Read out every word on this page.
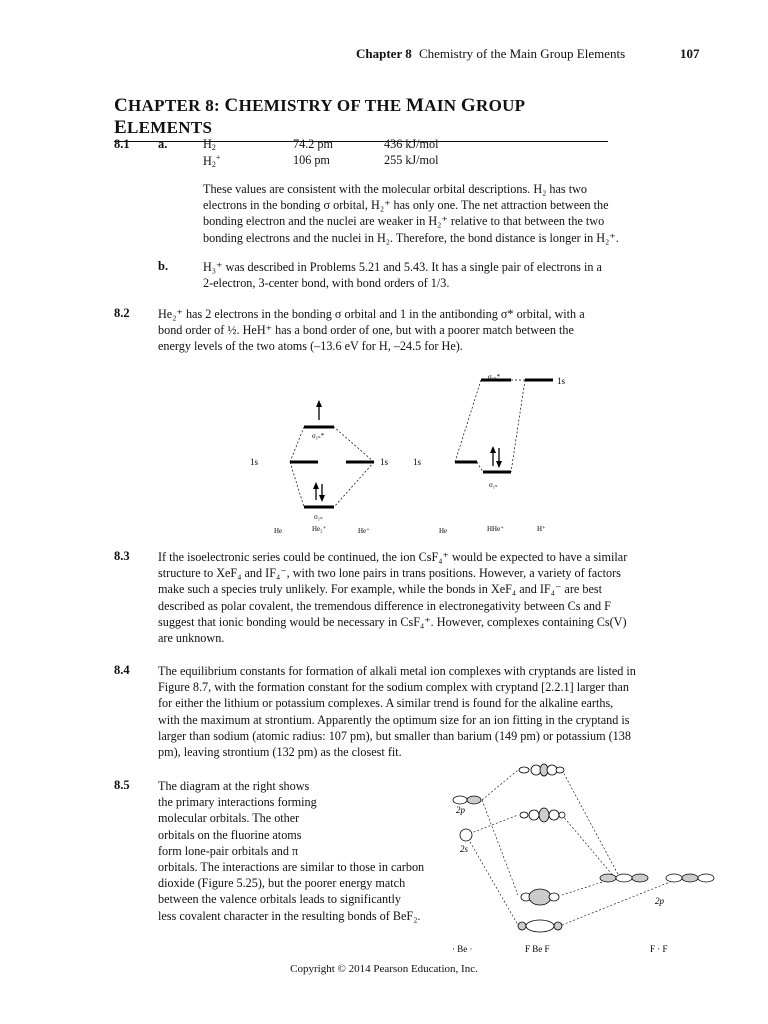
Chapter 8 Chemistry of the Main Group Elements	107
CHAPTER 8: CHEMISTRY OF THE MAIN GROUP ELEMENTS
8.1 a.	$H_2$	74.2 pm	436 kJ/mol
$H_2^+$	106 pm	255 kJ/mol
These values are consistent with the molecular orbital descriptions. H₂ has two
electrons in the bonding σ orbital, H₂⁺ has only one. The net attraction between the
bonding electron and the nuclei are weaker in H₂⁺ relative to that between the two
bonding electrons and the nuclei in H₂. Therefore, the bond distance is longer in H₂⁺.
b.	H₃⁺ was described in Problems 5.21 and 5.43. It has a single pair of electrons in a
2-electron, 3-center bond, with bond orders of 1/3.
8.2 He₂⁺ has 2 electrons in the bonding σ orbital and 1 in the antibonding σ* orbital, with a
bond order of ½. HeH⁺ has a bond order of one, but with a poorer match between the
energy levels of the two atoms (–13.6 eV for H, –24.5 for He).
σ₁ₛ*
σ₁ₛ
1s	1s
He	He₂⁺	He⁺
σ₁ₛ*
σ₁ₛ
1s
1s
He	HHe⁺	H⁺
8.3 If the isoelectronic series could be continued, the ion CsF₄⁺ would be expected to have a similar
structure to XeF₄ and IF₄⁻, with two lone pairs in trans positions. However, a variety of factors
make such a species truly unlikely. For example, while the bonds in XeF₄ and IF₄⁻ are best
described as polar covalent, the tremendous difference in electronegativity between Cs and F
suggest that ionic bonding would be necessary in CsF₄⁺. However, complexes containing Cs(V)
are unknown.
8.4 The equilibrium constants for formation of alkali metal ion complexes with cryptands are listed in
Figure 8.7, with the formation constant for the sodium complex with cryptand [2.2.1] larger than
for either the lithium or potassium complexes. A similar trend is found for the alkaline earths,
with the maximum at strontium. Apparently the optimum size for an ion fitting in the cryptand is
larger than sodium (atomic radius: 107 pm), but smaller than barium (149 pm) or potassium (138
pm), leaving strontium (132 pm) as the closest fit.
8.5 The diagram at the right shows
the primary interactions forming
molecular orbitals. The other
orbitals on the fluorine atoms
form lone-pair orbitals and π
orbitals. The interactions are similar to those in carbon
dioxide (Figure 5.25), but the poorer energy match
between the valence orbitals leads to significantly
less covalent character in the resulting bonds of BeF₂.
2p
2s
2p
· Be ·	F Be F	F · F
Copyright © 2014 Pearson Education, Inc.
